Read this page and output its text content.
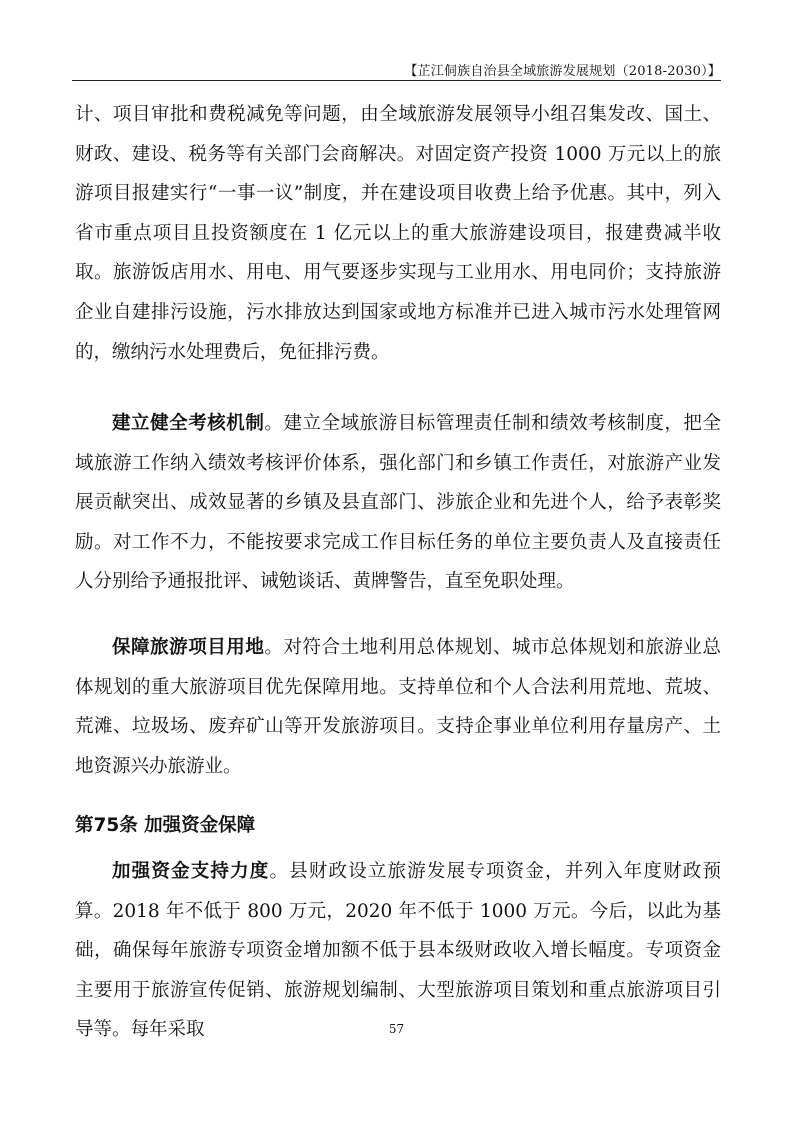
【芷江侗族自治县全域旅游发展规划（2018-2030）】

计、项目审批和费税减免等问题，由全域旅游发展领导小组召集发改、国土、财政、建设、税务等有关部门会商解决。对固定资产投资 1000 万元以上的旅游项目报建实行“一事一议”制度，并在建设项目收费上给予优惠。其中，列入省市重点项目且投资额度在 1 亿元以上的重大旅游建设项目，报建费减半收取。旅游饭店用水、用电、用气要逐步实现与工业用水、用电同价；支持旅游企业自建排污设施，污水排放达到国家或地方标准并已进入城市污水处理管网的，缴纳污水处理费后，免征排污费。

建立健全考核机制。建立全域旅游目标管理责任制和绩效考核制度，把全域旅游工作纳入绩效考核评价体系，强化部门和乡镇工作责任，对旅游产业发展贡献突出、成效显著的乡镇及县直部门、涉旅企业和先进个人，给予表彰奖励。对工作不力，不能按要求完成工作目标任务的单位主要负责人及直接责任人分别给予通报批评、诫勉谈话、黄牌警告，直至免职处理。

保障旅游项目用地。对符合土地利用总体规划、城市总体规划和旅游业总体规划的重大旅游项目优先保障用地。支持单位和个人合法利用荒地、荒坡、荒滩、垃圾场、废弃矿山等开发旅游项目。支持企事业单位利用存量房产、土地资源兴办旅游业。

第75条 加强资金保障

加强资金支持力度。县财政设立旅游发展专项资金，并列入年度财政预算。2018 年不低于 800 万元，2020 年不低于 1000 万元。今后，以此为基础，确保每年旅游专项资金增加额不低于县本级财政收入增长幅度。专项资金主要用于旅游宣传促销、旅游规划编制、大型旅游项目策划和重点旅游项目引导等。每年采取	57
